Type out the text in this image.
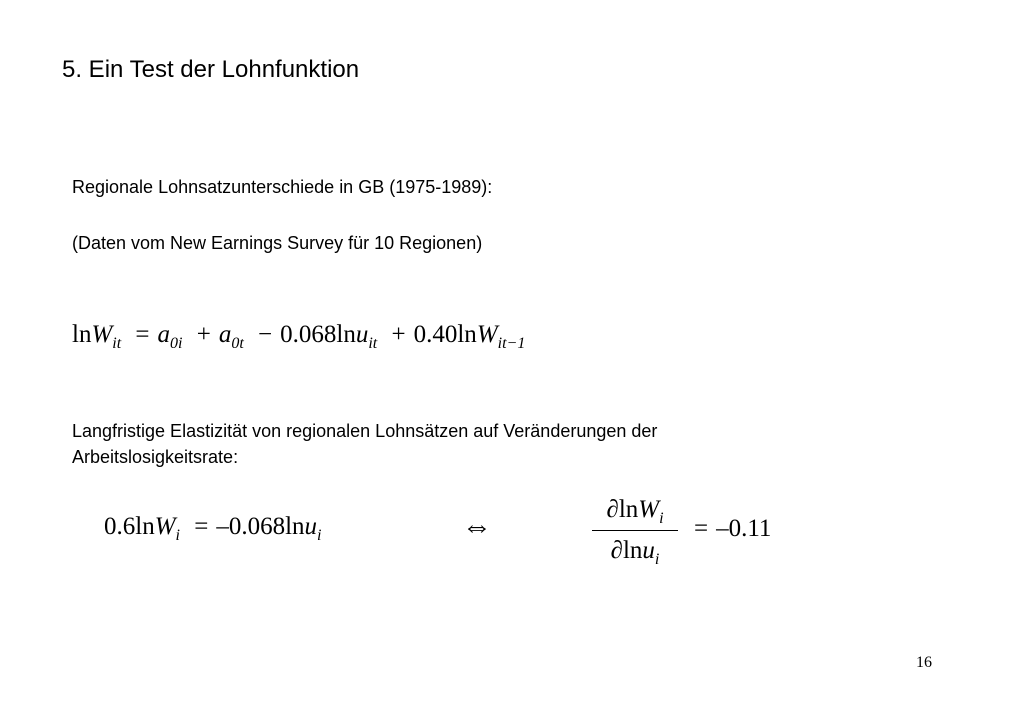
5. Ein Test der Lohnfunktion
Regionale Lohnsatzunterschiede in GB (1975-1989):
(Daten vom New Earnings Survey für 10 Regionen)
$\ln W_{it} = a_{0i} + a_{0t} - 0.068\ln u_{it} + 0.40\ln W_{it-1}$
Langfristige Elastizität von regionalen Lohnsätzen auf Veränderungen der
Arbeitslosigkeitsrate:
0.6lnW$_i$ = –0.068lnu$_i$	⇔
∂lnW$_i$
∂lnu$_i$
= –0.11
16
